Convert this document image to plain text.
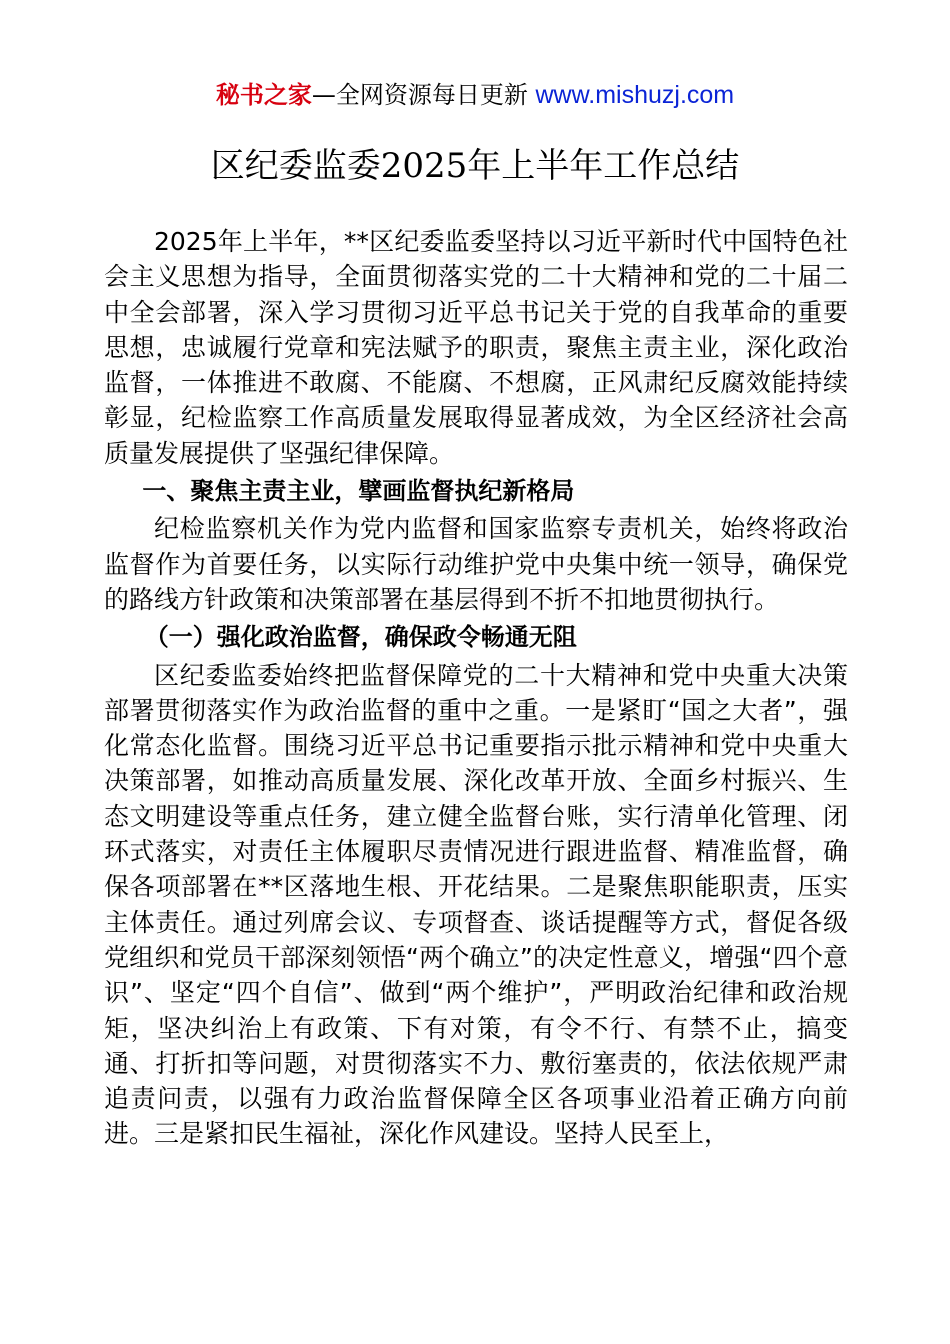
秘书之家—全网资源每日更新 www.mishuzj.com
区纪委监委2025年上半年工作总结

2025年上半年，**区纪委监委坚持以习近平新时代中国特色社会主义思想为指导，全面贯彻落实党的二十大精神和党的二十届二中全会部署，深入学习贯彻习近平总书记关于党的自我革命的重要思想，忠诚履行党章和宪法赋予的职责，聚焦主责主业，深化政治监督，一体推进不敢腐、不能腐、不想腐，正风肃纪反腐效能持续彰显，纪检监察工作高质量发展取得显著成效，为全区经济社会高质量发展提供了坚强纪律保障。

一、聚焦主责主业，擘画监督执纪新格局

纪检监察机关作为党内监督和国家监察专责机关，始终将政治监督作为首要任务，以实际行动维护党中央集中统一领导，确保党的路线方针政策和决策部署在基层得到不折不扣地贯彻执行。

（一）强化政治监督，确保政令畅通无阻

区纪委监委始终把监督保障党的二十大精神和党中央重大决策部署贯彻落实作为政治监督的重中之重。一是紧盯“国之大者”，强化常态化监督。围绕习近平总书记重要指示批示精神和党中央重大决策部署，如推动高质量发展、深化改革开放、全面乡村振兴、生态文明建设等重点任务，建立健全监督台账，实行清单化管理、闭环式落实，对责任主体履职尽责情况进行跟进监督、精准监督，确保各项部署在**区落地生根、开花结果。二是聚焦职能职责，压实主体责任。通过列席会议、专项督查、谈话提醒等方式，督促各级党组织和党员干部深刻领悟“两个确立”的决定性意义，增强“四个意识”、坚定“四个自信”、做到“两个维护”，严明政治纪律和政治规矩，坚决纠治上有政策、下有对策，有令不行、有禁不止，搞变通、打折扣等问题，对贯彻落实不力、敷衍塞责的，依法依规严肃追责问责，以强有力政治监督保障全区各项事业沿着正确方向前进。三是紧扣民生福祉，深化作风建设。坚持人民至上，
